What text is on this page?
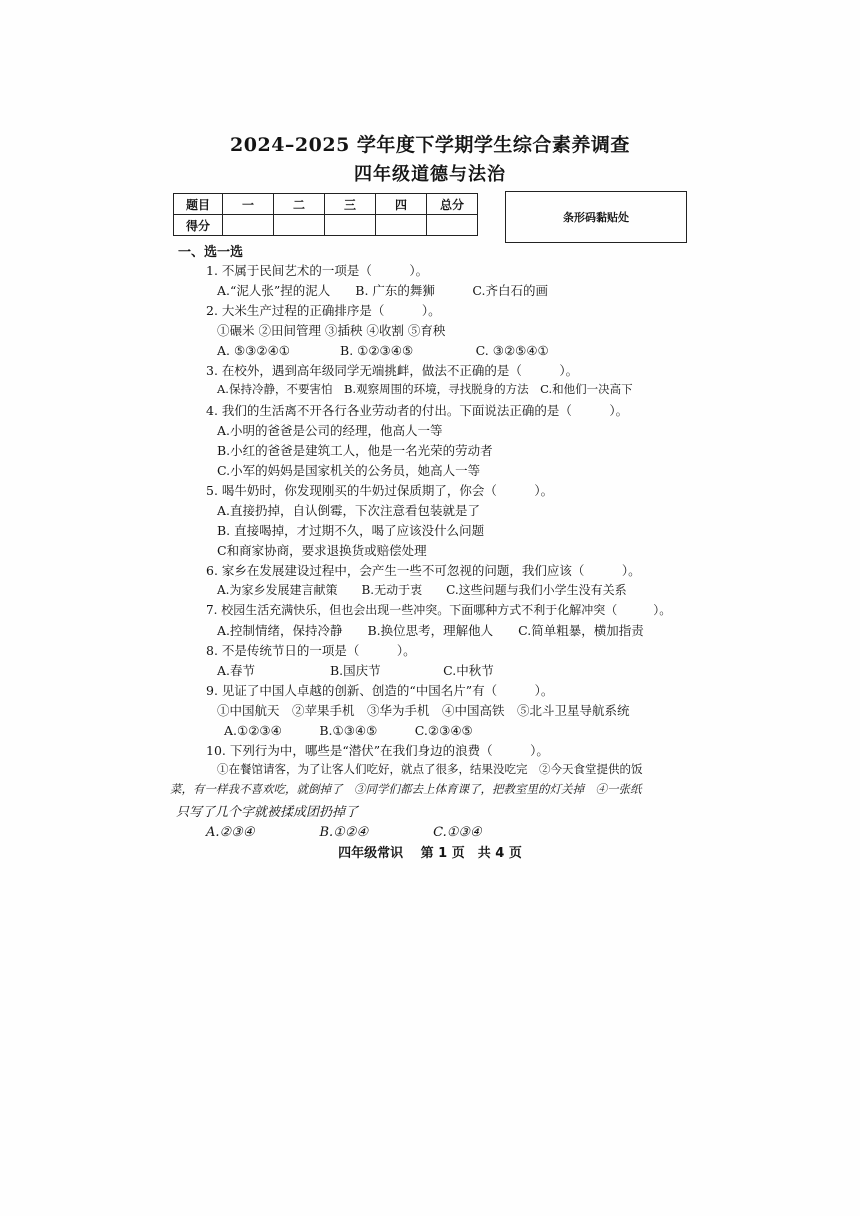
2024–2025 学年度下学期学生综合素养调查
四年级道德与法治
题目	一	二	三	四	总分
得分					
条形码黏贴处
一、选一选
1. 不属于民间艺术的一项是（　　　）。
A.“泥人张”捏的泥人　　B. 广东的舞狮　　　C.齐白石的画
2. 大米生产过程的正确排序是（　　　）。
①碾米 ②田间管理 ③插秧 ④收割 ⑤育秧
A. ⑤③②④①　　　　B. ①②③④⑤　　　　　C. ③②⑤④①
3. 在校外，遇到高年级同学无端挑衅，做法不正确的是（　　　）。
A.保持冷静，不要害怕　B.观察周围的环境，寻找脱身的方法　C.和他们一决高下
4. 我们的生活离不开各行各业劳动者的付出。下面说法正确的是（　　　）。
A.小明的爸爸是公司的经理，他高人一等
B.小红的爸爸是建筑工人，他是一名光荣的劳动者
C.小军的妈妈是国家机关的公务员，她高人一等
5. 喝牛奶时，你发现刚买的牛奶过保质期了，你会（　　　）。
A.直接扔掉，自认倒霉，下次注意看包装就是了
B. 直接喝掉，才过期不久，喝了应该没什么问题
C和商家协商，要求退换货或赔偿处理
6. 家乡在发展建设过程中，会产生一些不可忽视的问题，我们应该（　　　）。
A.为家乡发展建言献策　　B.无动于衷　　C.这些问题与我们小学生没有关系
7. 校园生活充满快乐，但也会出现一些冲突。下面哪种方式不利于化解冲突（　　　）。
A.控制情绪，保持冷静　　B.换位思考，理解他人　　C.简单粗暴，横加指责
8. 不是传统节日的一项是（　　　）。
A.春节　　　　　　B.国庆节　　　　　C.中秋节
9. 见证了中国人卓越的创新、创造的“中国名片”有（　　　）。
①中国航天　②苹果手机　③华为手机　④中国高铁　⑤北斗卫星导航系统
A.①②③④　　　B.①③④⑤　　　C.②③④⑤
10. 下列行为中，哪些是“潜伏”在我们身边的浪费（　　　）。
①在餐馆请客，为了让客人们吃好，就点了很多，结果没吃完　②今天食堂提供的饭
菜，有一样我不喜欢吃，就倒掉了　③同学们都去上体育课了，把教室里的灯关掉　④一张纸
只写了几个字就被揉成团扔掉了
A.②③④　　　　　B.①②④　　　　　C.①③④
四年级常识　 第 1 页　共 4 页
